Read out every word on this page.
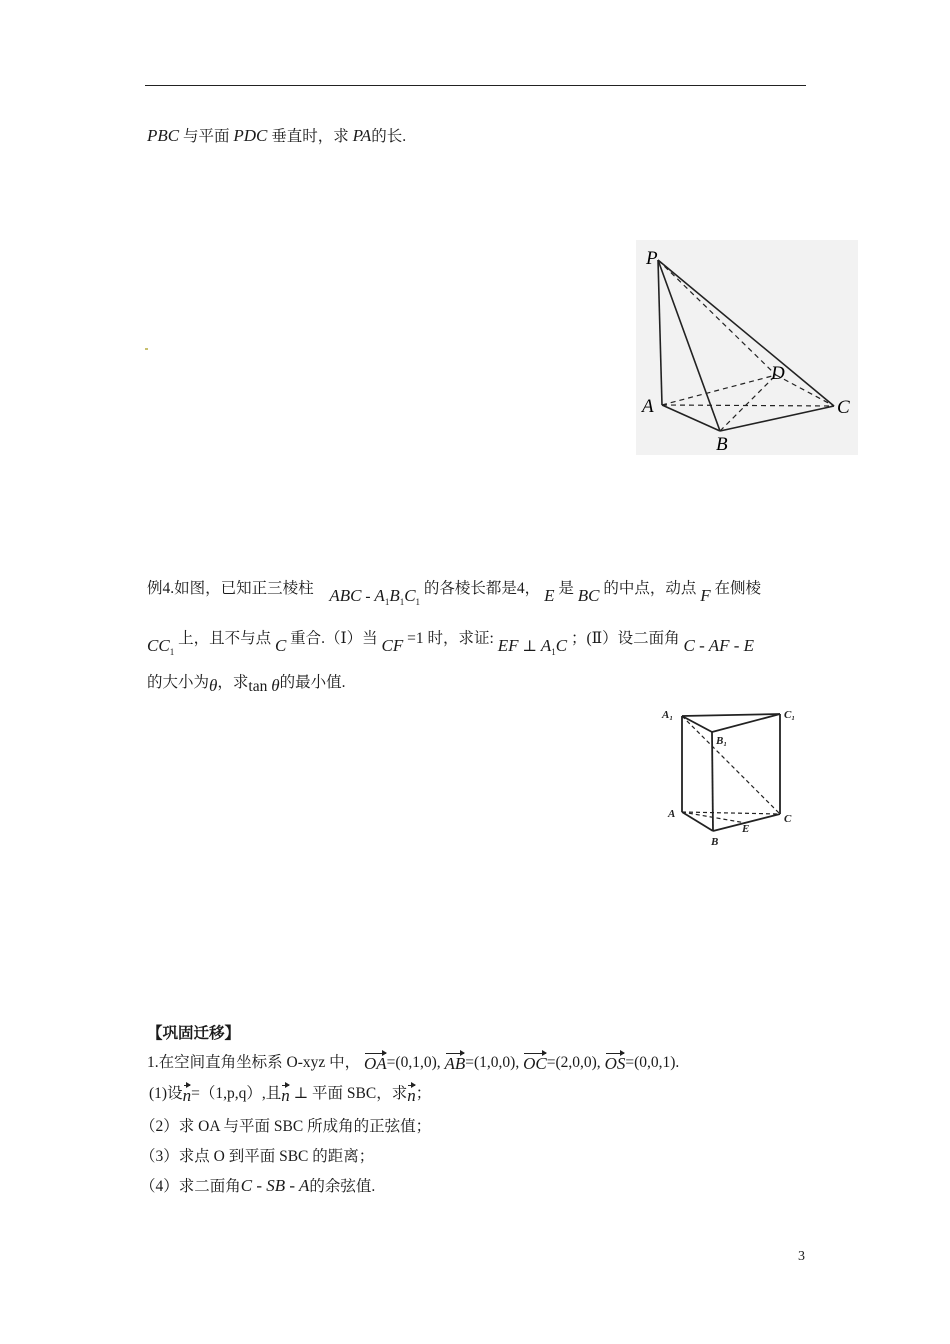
PBC 与平面 PDC 垂直时，求 PA的长.
P
A
B
C
D
例4.如图，已知正三棱柱 ABC - $A_1B_1C_1$ 的各棱长都是4， E 是 BC 的中点，动点 F 在侧棱
$CC_1$ 上，且不与点 C 重合.（Ⅰ）当 CF =1 时，求证: EF ⊥ $A_1C$ ；(Ⅱ）设二面角 C - AF - E
的大小为θ，求tan θ的最小值.
A₁	C₁
B₁
A	C
E
B
【巩固迁移】
1.在空间直角坐标系 O-xyz 中， OA=(0,1,0), AB=(1,0,0), OC=(2,0,0), OS=(0,0,1).
(1)设n=（1,p,q）,且n ⊥ 平面 SBC，求n；
（2）求 OA 与平面 SBC 所成角的正弦值；
（3）求点 O 到平面 SBC 的距离；
（4）求二面角C - SB - A的余弦值.
3
